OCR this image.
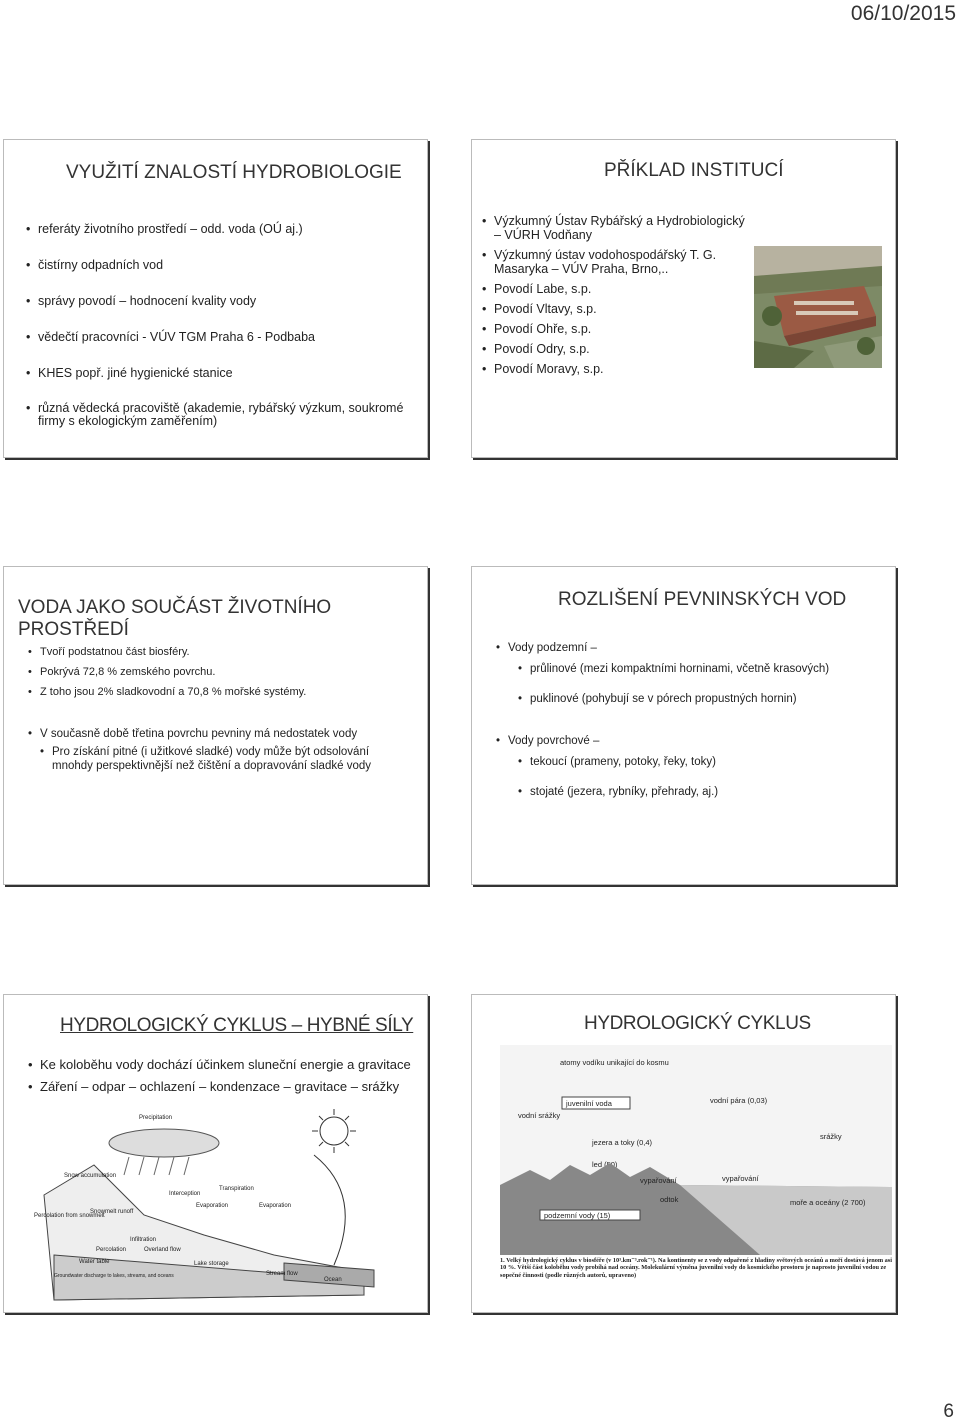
06/10/2015
VYUŽITÍ ZNALOSTÍ HYDROBIOLOGIE
• referáty životního prostředí – odd. voda (OÚ aj.)
• čistírny odpadních vod
• správy povodí – hodnocení kvality vody
• vědečtí pracovníci - VÚV TGM Praha 6 - Podbaba
• KHES popř. jiné hygienické stanice
• různá vědecká pracoviště (akademie, rybářský výzkum, soukromé firmy s ekologickým zaměřením)
PŘÍKLAD INSTITUCÍ
• Výzkumný Ústav Rybářský a Hydrobiologický – VÚRH Vodňany
• Výzkumný ústav vodohospodářský T. G. Masaryka – VÚV Praha, Brno,..
• Povodí Labe, s.p.
• Povodí Vltavy, s.p.
• Povodí Ohře, s.p.
• Povodí Odry, s.p.
• Povodí Moravy, s.p.
VODA JAKO SOUČÁST ŽIVOTNÍHO PROSTŘEDÍ
• Tvoří podstatnou část biosféry.
• Pokrývá 72,8 % zemského povrchu.
• Z toho jsou 2% sladkovodní a 70,8 % mořské systémy.
• V současně době třetina povrchu pevniny má nedostatek vody
• Pro získání pitné (i užitkové sladké) vody může být odsolování mnohdy perspektivnější než čištění a dopravování sladké vody
ROZLIŠENÍ PEVNINSKÝCH VOD
• Vody podzemní –
• průlinové (mezi kompaktními horninami, včetně krasových)
• puklinové (pohybují se v pórech propustných hornin)
• Vody povrchové –
• tekoucí (prameny, potoky, řeky, toky)
• stojaté (jezera, rybníky, přehrady, aj.)
HYDROLOGICKÝ CYKLUS – HYBNÉ SÍLY
• Ke koloběhu vody dochází účinkem sluneční energie a gravitace
• Záření – odpar – ochlazení – kondenzace – gravitace – srážky
Precipitation
Snow accumulation
Interception
Transpiration
Evaporation	Evaporation
Percolation from snowmelt
Snowmelt runoff
Infiltration
Overland flow
Percolation
Water table	Lake storage
Groundwater discharge to lakes, streams, and oceans	Stream flow
Ocean
HYDROLOGICKÝ CYKLUS
atomy vodíku unikající do kosmu
juvenilní voda	vodní pára (0,03)
vodní srážky
srážky
jezera a toky (0,4)
led (50)
podzemní vody (15)
vypařování	vypařování
odtok	moře a oceány (2 700)
1. Velký hydrologický cyklus v biosféře (v 10³.km⁻³.rok⁻¹). Na kontinenty se z vody odpařené z hladiny světových oceánů a moří dostává jenom asi 10 %. Větší část koloběhu vody probíhá nad oceány. Molekulární výměna juvenilní vody do kosmického prostoru je naprosto juvenilní vodou ze sopečné činnosti (podle různých autorů, upraveno)
6
